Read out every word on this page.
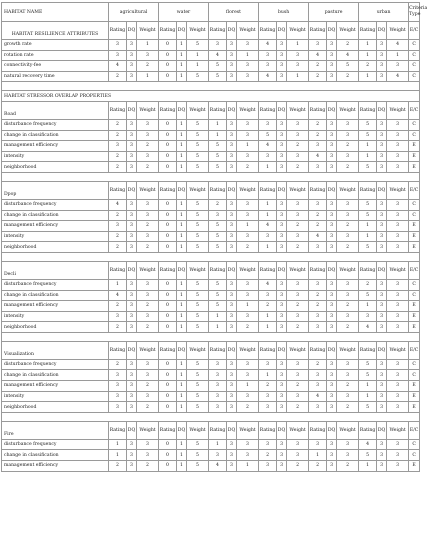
HABITAT NAME	agricultural			water			florest			bush			pasture			urban			Criteria Type
HABITAT RESILIENCE ATTRIBUTES	Rating	DQ	Weight	Rating	DQ	Weight	Rating	DQ	Weight	Rating	DQ	Weight	Rating	DQ	Weight	Rating	DQ	Weight	E/C
growth rate	3	3	1	0	1	5	3	3	3	4	3	1	3	3	2	1	3	4	C
rotation rate	3	3	3	0	1	1	4	3	1	3	3	3	4	3	4	1	3	1	C
connectivity-fee	4	3	2	0	1	1	5	3	3	3	3	3	2	3	5	2	3	3	C
natural recovery time	2	3	1	0	1	5	5	3	3	4	3	1	2	3	2	1	3	4	C

HABITAT STRESSOR OVERLAP PROPERTIES																			
Road	Rating	DQ	Weight	Rating	DQ	Weight	Rating	DQ	Weight	Rating	DQ	Weight	Rating	DQ	Weight	Rating	DQ	Weight	E/C
disturbance frequency	2	3	3	0	1	5	1	3	3	3	3	3	2	3	3	5	3	3	C
change in classification	2	3	3	0	1	5	1	3	3	5	3	3	2	3	3	5	3	3	C
management efficiency	3	3	2	0	1	5	5	3	1	4	3	2	3	3	2	1	3	3	E
intensity	2	3	3	0	1	5	5	3	3	3	3	3	4	3	3	1	3	3	E
neighborhood	2	3	2	0	1	5	5	3	2	1	3	2	3	3	2	5	3	3	E

Dpop	Rating	DQ	Weight	Rating	DQ	Weight	Rating	DQ	Weight	Rating	DQ	Weight	Rating	DQ	Weight	Rating	DQ	Weight	E/C
disturbance frequency	4	3	3	0	1	5	2	3	3	1	3	3	3	3	3	5	3	3	C
change in classification	2	3	3	0	1	5	3	3	3	1	3	3	2	3	3	5	3	3	C
management efficiency	3	3	2	0	1	5	5	3	1	4	3	2	2	3	2	1	3	3	E
intensity	2	3	3	0	1	5	5	3	3	3	3	3	4	3	3	1	3	3	E
neighborhood	2	3	2	0	1	5	5	3	2	1	3	2	3	3	2	5	3	3	E

Decli	Rating	DQ	Weight	Rating	DQ	Weight	Rating	DQ	Weight	Rating	DQ	Weight	Rating	DQ	Weight	Rating	DQ	Weight	E/C
disturbance frequency	1	3	3	0	1	5	5	3	3	4	3	3	3	3	3	2	3	3	C
change in classification	4	3	3	0	1	5	5	3	3	3	3	3	2	3	3	5	3	3	C
management efficiency	2	3	2	0	1	5	5	3	1	2	3	2	2	3	2	1	3	3	E
intensity	3	3	3	0	1	5	1	3	3	1	3	3	3	3	3	3	3	3	E
neighborhood	2	3	2	0	1	5	1	3	2	1	3	2	3	3	2	4	3	3	E

Visualization	Rating	DQ	Weight	Rating	DQ	Weight	Rating	DQ	Weight	Rating	DQ	Weight	Rating	DQ	Weight	Rating	DQ	Weight	E/C
disturbance frequency	2	3	3	0	1	5	3	3	3	3	3	3	2	3	3	5	3	3	C
change in classification	3	3	3	0	1	5	3	3	3	1	3	3	3	3	3	5	3	3	C
management efficiency	3	3	2	0	1	5	3	3	1	2	3	2	3	3	2	1	3	3	E
intensity	3	3	3	0	1	5	3	3	3	3	3	3	4	3	3	1	3	3	E
neighborhood	3	3	2	0	1	5	3	3	2	3	3	2	3	3	2	5	3	3	E

Fire	Rating	DQ	Weight	Rating	DQ	Weight	Rating	DQ	Weight	Rating	DQ	Weight	Rating	DQ	Weight	Rating	DQ	Weight	E/C
disturbance frequency	1	3	3	0	1	5	1	3	3	3	3	3	3	3	3	4	3	3	C
change in classification	1	3	3	0	1	5	3	3	3	2	3	3	1	3	3	5	3	3	C
management efficiency	2	3	2	0	1	5	4	3	1	3	3	2	2	3	2	1	3	3	E
